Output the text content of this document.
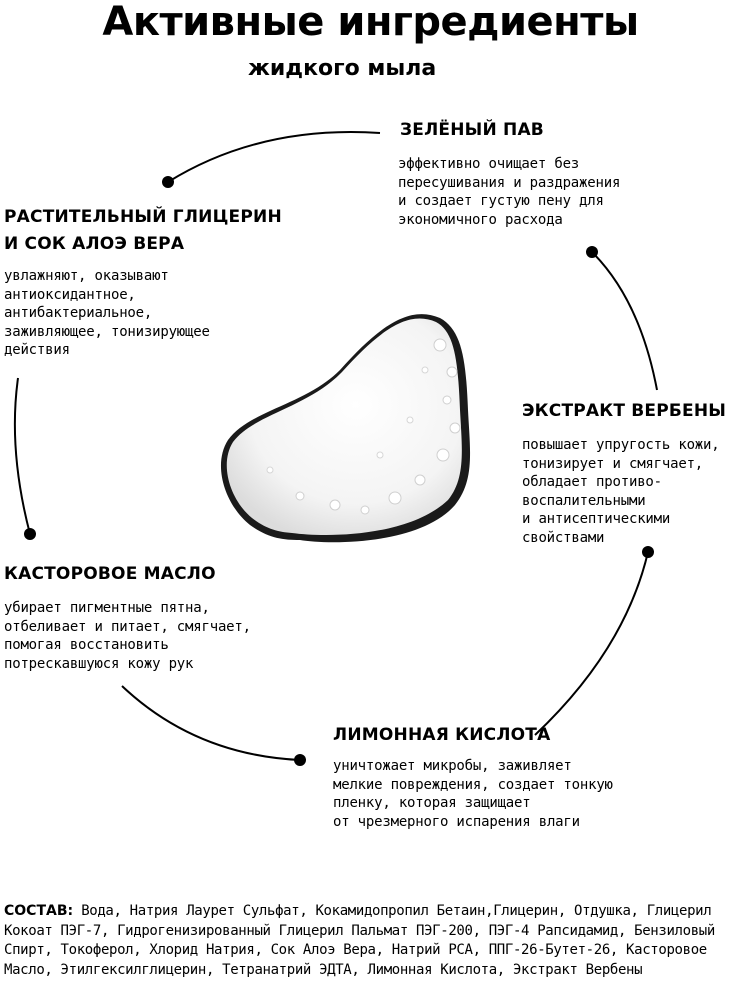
Активные ингредиенты
жидкого мыла
ЗЕЛЁНЫЙ ПАВ
эффективно очищает без
пересушивания и раздражения
и создает густую пену для
экономичного расхода
РАСТИТЕЛЬНЫЙ ГЛИЦЕРИН
И СОК АЛОЭ ВЕРА
увлажняют, оказывают
антиоксидантное,
антибактериальное,
заживляющее, тонизирующее
действия
ЭКСТРАКТ ВЕРБЕНЫ
повышает упругость кожи,
тонизирует и смягчает,
обладает противо-
воспалительными
и антисептическими
свойствами
КАСТОРОВОЕ МАСЛО
убирает пигментные пятна,
отбеливает и питает, смягчает,
помогая восстановить
потрескавшуюся кожу рук
ЛИМОННАЯ КИСЛОТА
уничтожает микробы, заживляет
мелкие повреждения, создает тонкую
пленку, которая защищает
от чрезмерного испарения влаги

СОСТАВ: Вода, Натрия Лаурет Сульфат, Кокамидопропил Бетаин,Глицерин, Отдушка, Глицерил Кокоат ПЭГ-7, Гидрогенизированный Глицерил Пальмат ПЭГ-200, ПЭГ-4 Рапсидамид, Бензиловый Спирт, Токоферол, Хлорид Натрия, Сок Алоэ Вера, Натрий РСА, ППГ-26-Бутет-26, Касторовое Масло, Этилгексилглицерин, Тетранатрий ЭДТА, Лимонная Кислота, Экстракт Вербены
